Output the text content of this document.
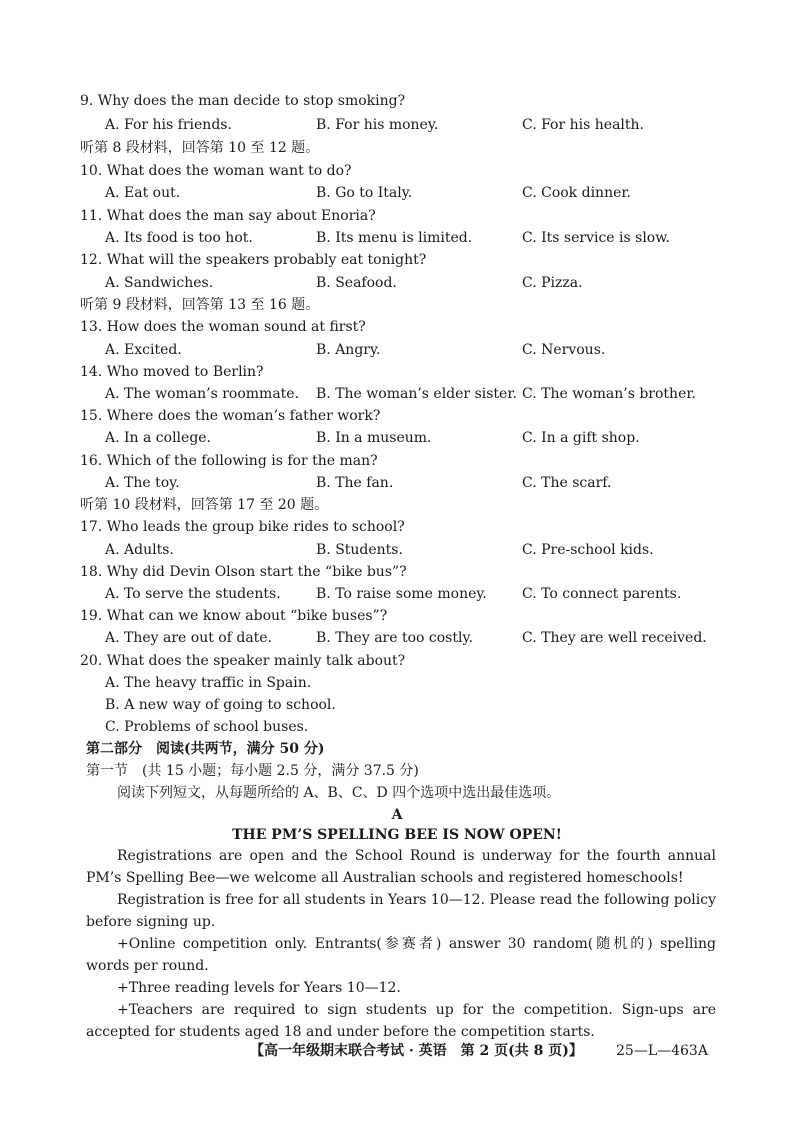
9. Why does the man decide to stop smoking?
A. For his friends.	B. For his money.	C. For his health.
听第 8 段材料，回答第 10 至 12 题。
10. What does the woman want to do?
A. Eat out.	B. Go to Italy.	C. Cook dinner.
11. What does the man say about Enoria?
A. Its food is too hot.	B. Its menu is limited.	C. Its service is slow.
12. What will the speakers probably eat tonight?
A. Sandwiches.	B. Seafood.	C. Pizza.
听第 9 段材料，回答第 13 至 16 题。
13. How does the woman sound at first?
A. Excited.	B. Angry.	C. Nervous.
14. Who moved to Berlin?
A. The woman’s roommate. B. The woman’s elder sister. C. The woman’s brother.
15. Where does the woman’s father work?
A. In a college.	B. In a museum.	C. In a gift shop.
16. Which of the following is for the man?
A. The toy.	B. The fan.	C. The scarf.
听第 10 段材料，回答第 17 至 20 题。
17. Who leads the group bike rides to school?
A. Adults.	B. Students.	C. Pre-school kids.
18. Why did Devin Olson start the “bike bus”?
A. To serve the students.	B. To raise some money.	C. To connect parents.
19. What can we know about “bike buses”?
A. They are out of date.	B. They are too costly.	C. They are well received.
20. What does the speaker mainly talk about?
A. The heavy traffic in Spain.
B. A new way of going to school.
C. Problems of school buses.
第二部分　阅读(共两节，满分 50 分)
第一节　(共 15 小题；每小题 2.5 分，满分 37.5 分)
阅读下列短文，从每题所给的 A、B、C、D 四个选项中选出最佳选项。
A
THE PM’S SPELLING BEE IS NOW OPEN!

Registrations are open and the School Round is underway for the fourth annual PM’s Spelling Bee—we welcome all Australian schools and registered homeschools!

Registration is free for all students in Years 10—12. Please read the following policy before signing up.

+Online competition only. Entrants(参赛者) answer 30 random(随机的) spelling words per round.

+Three reading levels for Years 10—12.

+Teachers are required to sign students up for the competition. Sign-ups are accepted for students aged 18 and under before the competition starts.

【高一年级期末联合考试 · 英语　第 2 页(共 8 页)】 25—L—463A
